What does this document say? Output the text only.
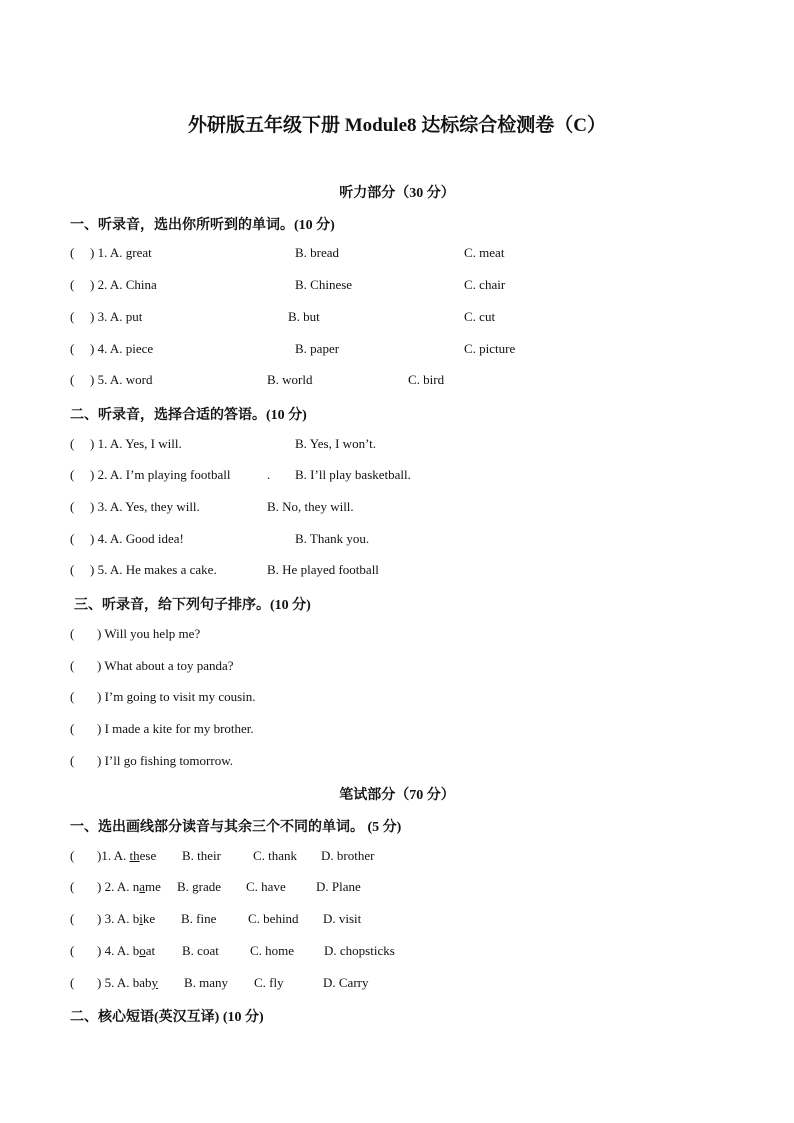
外研版五年级下册 Module8 达标综合检测卷（C）
听力部分（30 分）
一、听录音，选出你所听到的单词。(10 分)
( ) 1. A. great	B. bread	C. meat
( ) 2. A. China	B. Chinese	C. chair
( ) 3. A. put	B. but	C. cut
( ) 4. A. piece	B. paper	C. picture
( ) 5. A. word	B. world	C. bird
二、听录音，选择合适的答语。(10 分)
( ) 1. A. Yes, I will.	B. Yes, I won’t.
( ) 2. A. I’m playing football	. B. I’ll play basketball.
( ) 3. A. Yes, they will.	B. No, they will.
( ) 4. A. Good idea!	B. Thank you.
( ) 5. A. He makes a cake.	B. He played football
三、听录音，给下列句子排序。(10 分)
( ) Will you help me?
( ) What about a toy panda?
( ) I’m going to visit my cousin.
( ) I made a kite for my brother.
( ) I’ll go fishing tomorrow.
笔试部分（70 分）
一、选出画线部分读音与其余三个不同的单词。 (5 分)
( )1. A. these B. their C. thank D. brother
( ) 2. A. name B. grade C. have D. Plane
( ) 3. A. bike B. fine C. behind D. visit
( ) 4. A. boat B. coat C. home D. chopsticks
( ) 5. A. baby B. many C. fly	D. Carry
二、核心短语(英汉互译) (10 分)
